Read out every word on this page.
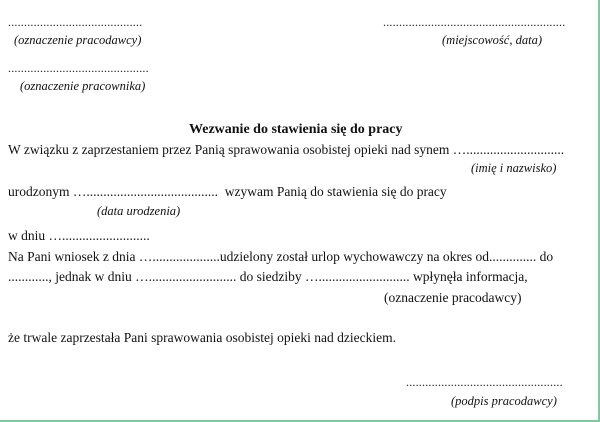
..........................................
(oznaczenie pracodawcy)
.........................................................
(miejscowość, data)
............................................
(oznaczenie pracownika)
Wezwanie do stawienia się do pracy
W związku z zaprzestaniem przez Panią sprawowania osobistej opieki nad synem ….............................
(imię i nazwisko)
urodzonym ….......................................  wzywam Panią do stawienia się do pracy
(data urodzenia)
w dniu …..........................
Na Pani wniosek z dnia …....................udzielony został urlop wychowawczy na okres od.............. do
............, jednak w dniu ….......................... do siedziby …........................... wpłynęła informacja,
(oznaczenie pracodawcy)
że trwale zaprzestała Pani sprawowania osobistej opieki nad dzieckiem.
.................................................
(podpis pracodawcy)
